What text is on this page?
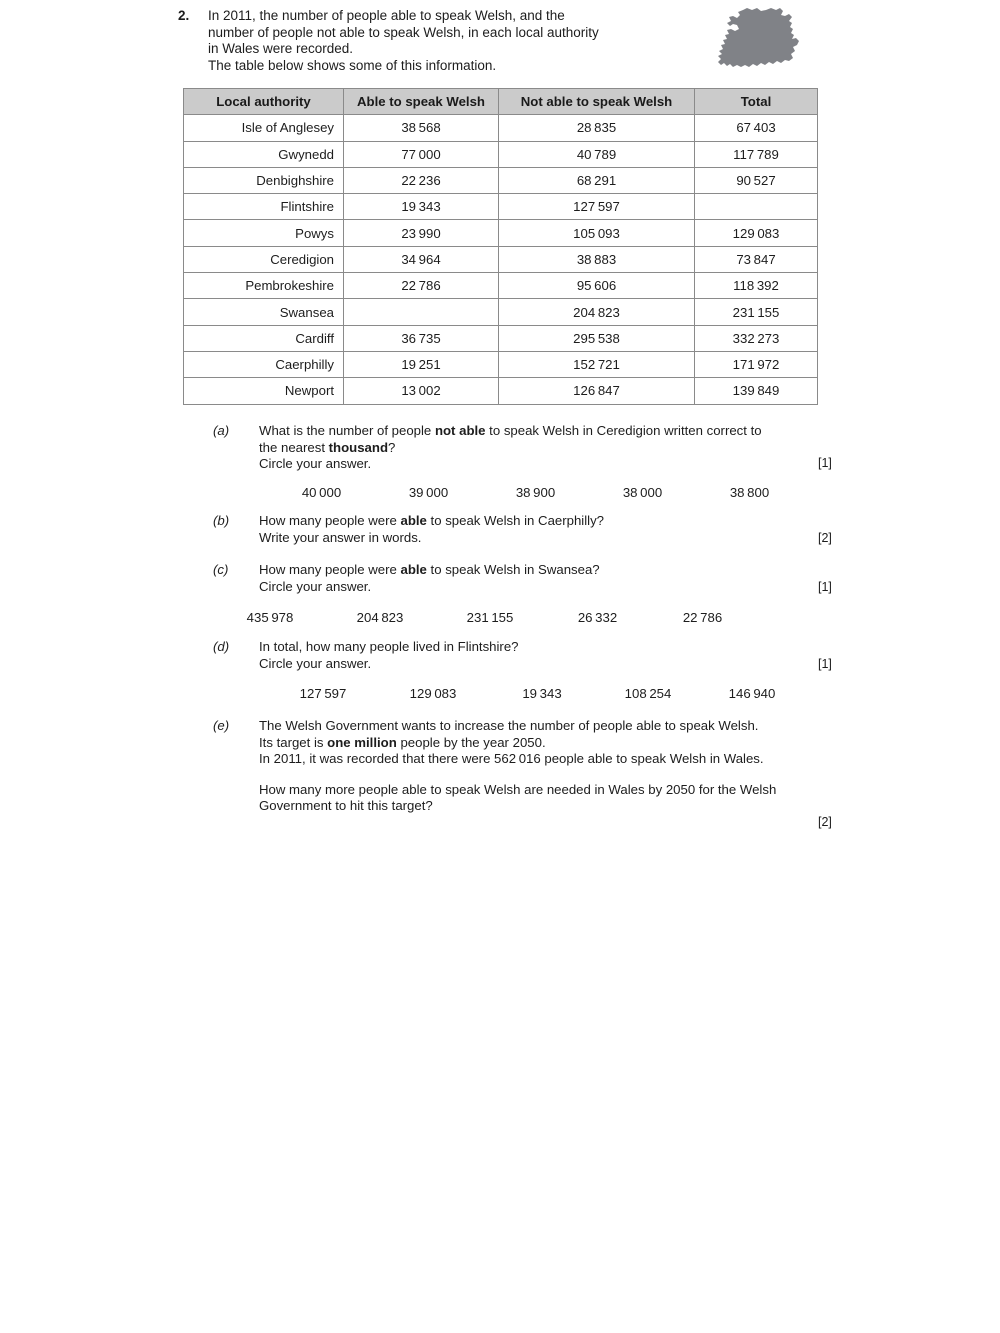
2. In 2011, the number of people able to speak Welsh, and the

number of people not able to speak Welsh, in each local authority

in Wales were recorded.

The table below shows some of this information.

Local authority	Able to speak Welsh	Not able to speak Welsh	Total
Isle of Anglesey	38 568	28 835	67 403
Gwynedd	77 000	40 789	117 789
Denbighshire	22 236	68 291	90 527
Flintshire	19 343	127 597	
Powys	23 990	105 093	129 083
Ceredigion	34 964	38 883	73 847
Pembrokeshire	22 786	95 606	118 392
Swansea		204 823	231 155
Cardiff	36 735	295 538	332 273
Caerphilly	19 251	152 721	171 972
Newport	13 002	126 847	139 849
(a) What is the number of people not able to speak Welsh in Ceredigion written correct to

the nearest thousand?

Circle your answer.	[1]
40 000	39 000	38 900	38 000	38 800
(b) How many people were able to speak Welsh in Caerphilly?

Write your answer in words.	[2]
(c) How many people were able to speak Welsh in Swansea?

Circle your answer.	[1]
435 978	204 823	231 155	26 332	22 786
(d) In total, how many people lived in Flintshire?

Circle your answer.	[1]
127 597	129 083	19 343	108 254	146 940
(e) The Welsh Government wants to increase the number of people able to speak Welsh.

Its target is one million people by the year 2050.

In 2011, it was recorded that there were 562 016 people able to speak Welsh in Wales.

How many more people able to speak Welsh are needed in Wales by 2050 for the Welsh

Government to hit this target?

[2]
